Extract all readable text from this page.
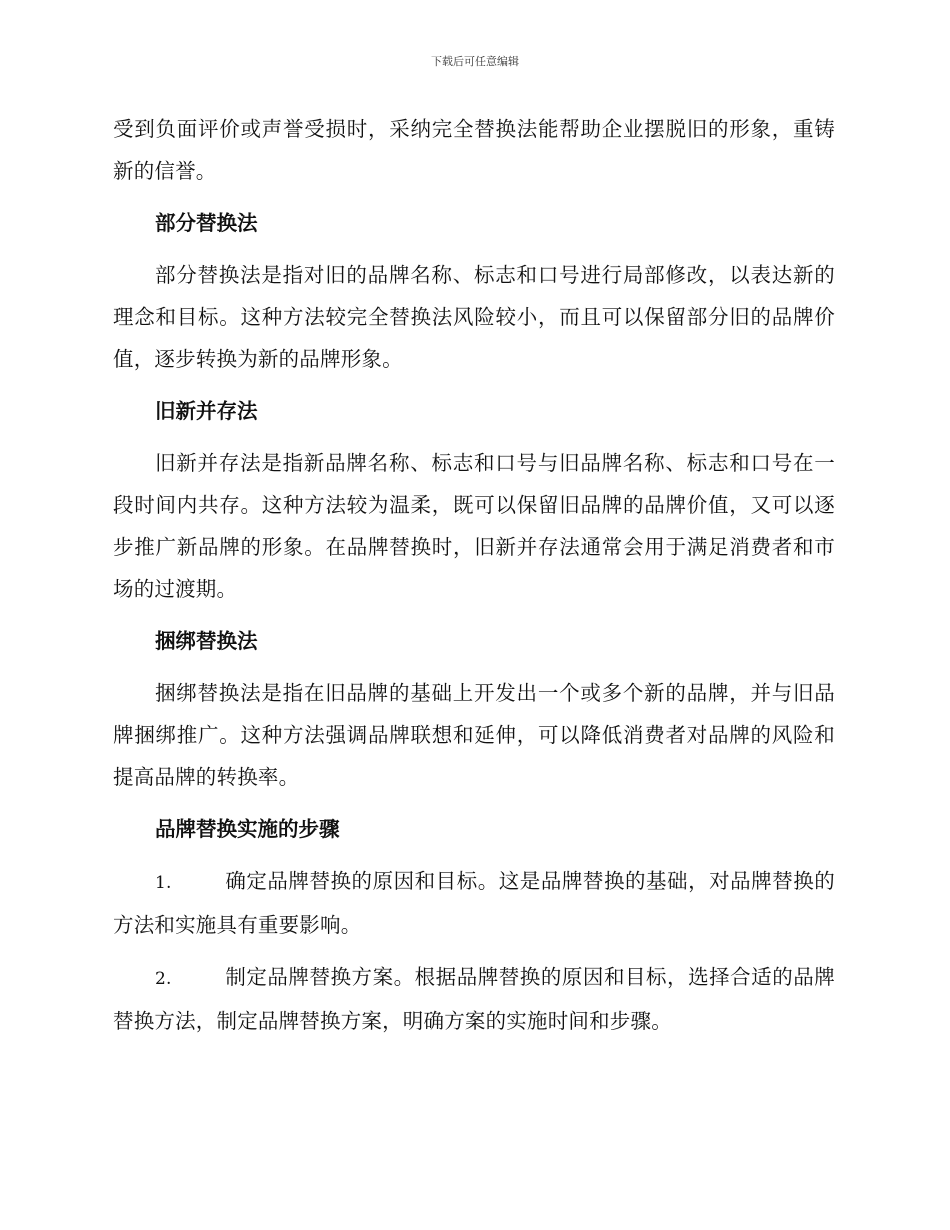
下载后可任意编辑

受到负面评价或声誉受损时，采纳完全替换法能帮助企业摆脱旧的形象，重铸新的信誉。

部分替换法

部分替换法是指对旧的品牌名称、标志和口号进行局部修改，以表达新的理念和目标。这种方法较完全替换法风险较小，而且可以保留部分旧的品牌价值，逐步转换为新的品牌形象。

旧新并存法

旧新并存法是指新品牌名称、标志和口号与旧品牌名称、标志和口号在一段时间内共存。这种方法较为温柔，既可以保留旧品牌的品牌价值，又可以逐步推广新品牌的形象。在品牌替换时，旧新并存法通常会用于满足消费者和市场的过渡期。

捆绑替换法

捆绑替换法是指在旧品牌的基础上开发出一个或多个新的品牌，并与旧品牌捆绑推广。这种方法强调品牌联想和延伸，可以降低消费者对品牌的风险和提高品牌的转换率。

品牌替换实施的步骤

1.	确定品牌替换的原因和目标。这是品牌替换的基础，对品牌替换的方法和实施具有重要影响。

2.	制定品牌替换方案。根据品牌替换的原因和目标，选择合适的品牌替换方法，制定品牌替换方案，明确方案的实施时间和步骤。
